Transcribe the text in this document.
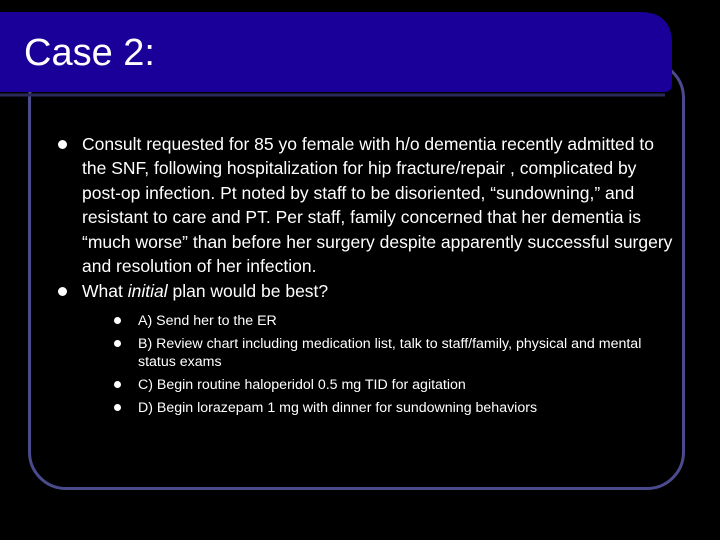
Case 2:
Consult requested for 85 yo female with h/o dementia recently admitted to the SNF, following hospitalization for hip fracture/repair , complicated by post-op infection. Pt noted by staff to be disoriented, “sundowning,” and resistant to care and PT. Per staff, family concerned that her dementia is “much worse” than before her surgery despite apparently successful surgery and resolution of her infection.
What initial plan would be best?
A) Send her to the ER
B) Review chart including medication list, talk to staff/family, physical and mental status exams
C) Begin routine haloperidol 0.5 mg TID for agitation
D) Begin lorazepam 1 mg with dinner for sundowning behaviors
